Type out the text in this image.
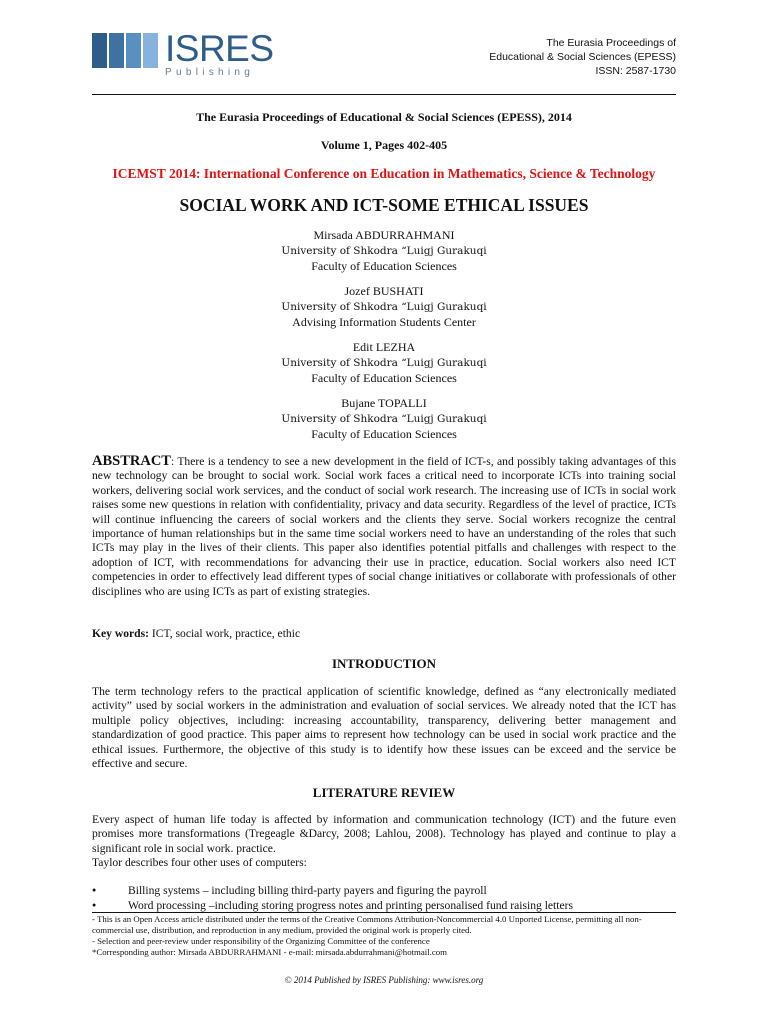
ISRES
Publishing
The Eurasia Proceedings of
Educational & Social Sciences (EPESS)
ISSN: 2587-1730
The Eurasia Proceedings of Educational & Social Sciences (EPESS), 2014
Volume 1, Pages 402-405
ICEMST 2014: International Conference on Education in Mathematics, Science & Technology
SOCIAL WORK AND ICT-SOME ETHICAL ISSUES
Mirsada ABDURRAHMANI
University of Shkodra “Luigj Gurakuqi
Faculty of Education Sciences
Jozef BUSHATI
University of Shkodra “Luigj Gurakuqi
Advising Information Students Center
Edit LEZHA
University of Shkodra “Luigj Gurakuqi
Faculty of Education Sciences
Bujane TOPALLI
University of Shkodra “Luigj Gurakuqi
Faculty of Education Sciences
ABSTRACT: There is a tendency to see a new development in the field of ICT-s, and possibly taking advantages of this new technology can be brought to social work. Social work faces a critical need to incorporate ICTs into training social workers, delivering social work services, and the conduct of social work research. The increasing use of ICTs in social work raises some new questions in relation with confidentiality, privacy and data security. Regardless of the level of practice, ICTs will continue influencing the careers of social workers and the clients they serve. Social workers recognize the central importance of human relationships but in the same time social workers need to have an understanding of the roles that such ICTs may play in the lives of their clients. This paper also identifies potential pitfalls and challenges with respect to the adoption of ICT, with recommendations for advancing their use in practice, education. Social workers also need ICT competencies in order to effectively lead different types of social change initiatives or collaborate with professionals of other disciplines who are using ICTs as part of existing strategies.
Key words: ICT, social work, practice, ethic
INTRODUCTION

The term technology refers to the practical application of scientific knowledge, defined as “any electronically mediated activity” used by social workers in the administration and evaluation of social services. We already noted that the ICT has multiple policy objectives, including: increasing accountability, transparency, delivering better management and standardization of good practice. This paper aims to represent how technology can be used in social work practice and the ethical issues. Furthermore, the objective of this study is to identify how these issues can be exceed and the service be effective and secure.

LITERATURE REVIEW

Every aspect of human life today is affected by information and communication technology (ICT) and the future even promises more transformations (Tregeagle &Darcy, 2008; Lahlou, 2008). Technology has played and continue to play a significant role in social work. practice.

Taylor describes four other uses of computers:

● Billing systems – including billing third-party payers and figuring the payroll
● Word processing –including storing progress notes and printing personalised fund raising letters
- This is an Open Access article distributed under the terms of the Creative Commons Attribution-Noncommercial 4.0 Unported License, permitting all non-commercial use, distribution, and reproduction in any medium, provided the original work is properly cited.
- Selection and peer-review under responsibility of the Organizing Committee of the conference
*Corresponding author: Mirsada ABDURRAHMANI - e-mail: mirsada.abdurrahmani@hotmail.com
© 2014 Published by ISRES Publishing: www.isres.org
